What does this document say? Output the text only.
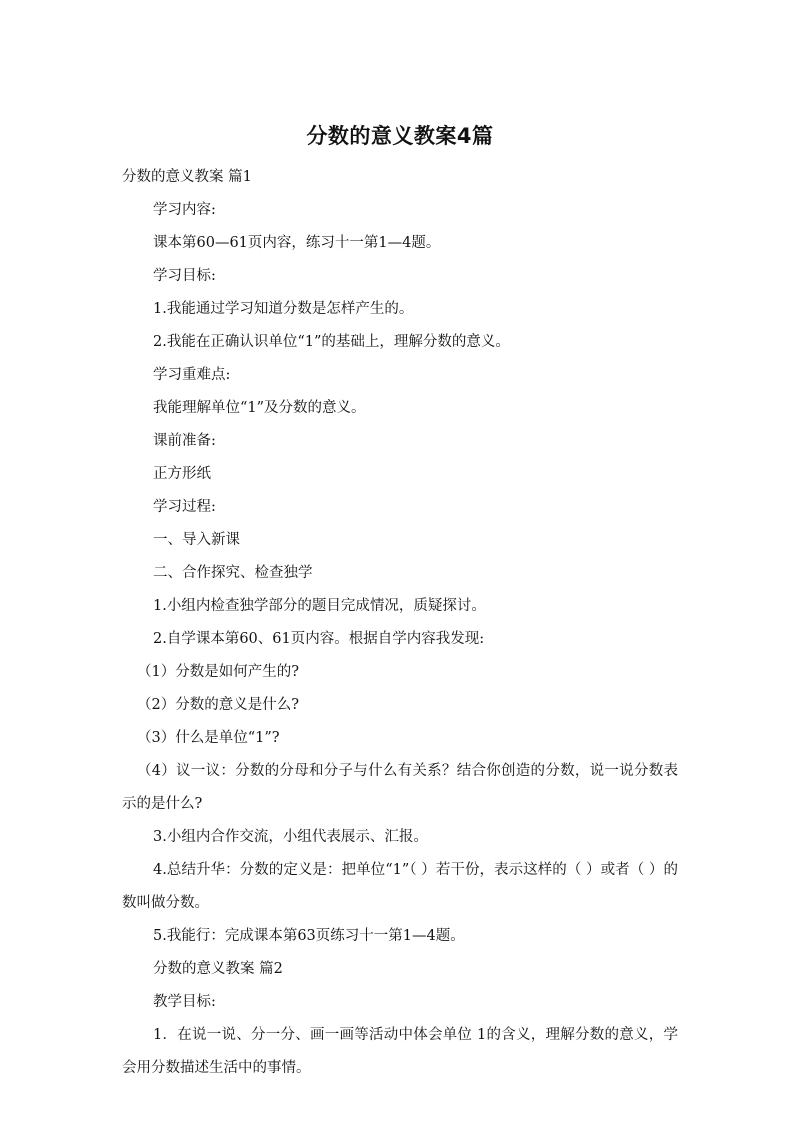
分数的意义教案4篇

分数的意义教案 篇1

学习内容:

课本第60—61页内容，练习十一第1—4题。

学习目标:

1.我能通过学习知道分数是怎样产生的。

2.我能在正确认识单位“1”的基础上，理解分数的意义。

学习重难点:

我能理解单位“1”及分数的意义。

课前准备:

正方形纸

学习过程:

一、导入新课

二、合作探究、检查独学

1.小组内检查独学部分的题目完成情况，质疑探讨。

2.自学课本第60、61页内容。根据自学内容我发现:

（1）分数是如何产生的?

（2）分数的意义是什么?

（3）什么是单位“1”?

（4）议一议：分数的分母和分子与什么有关系？结合你创造的分数，说一说分数表示的是什么?

3.小组内合作交流，小组代表展示、汇报。

4.总结升华：分数的定义是：把单位“1”（ ）若干份，表示这样的（ ）或者（ ）的数叫做分数。

5.我能行：完成课本第63页练习十一第1—4题。

分数的意义教案 篇2

教学目标:

1．在说一说、分一分、画一画等活动中体会单位 1的含义，理解分数的意义，学会用分数描述生活中的事情。
